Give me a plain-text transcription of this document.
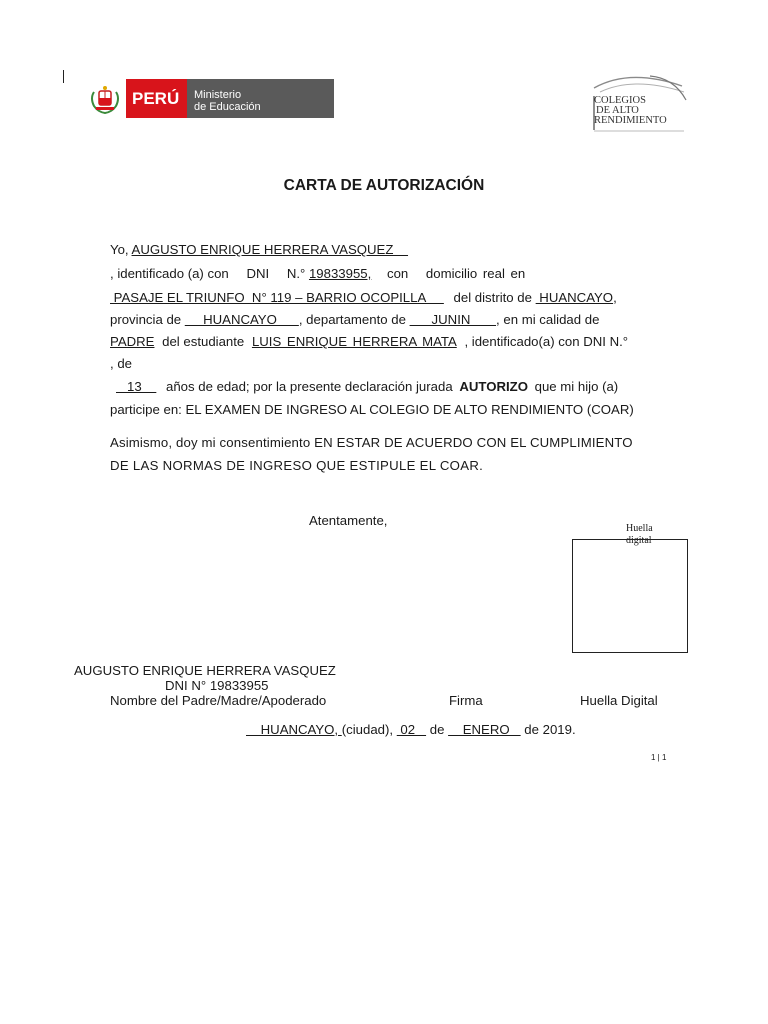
PERÚ	Ministerio
de Educación	COLEGIOS
DE ALTO
RENDIMIENTO
CARTA DE AUTORIZACIÓN
Yo, AUGUSTO ENRIQUE HERRERA VASQUEZ
, identificado (a) con DNI N.° 19833955, con domicilio real en
PASAJE EL TRIUNFO  N° 119 – BARRIO OCOPILLA      del distrito de  HUANCAYO,
provincia de      HUANCAYO      , departamento de       JUNIN       , en mi calidad de
PADRE del estudiante LUIS ENRIQUE HERRERA MATA , identificado(a) con DNI N.°
, de
13     años de edad; por la presente declaración jurada AUTORIZO que mi hijo (a)
participe en: EL EXAMEN DE INGRESO AL COLEGIO DE ALTO RENDIMIENTO (COAR)
Asimismo, doy mi consentimiento EN ESTAR DE ACUERDO CON EL CUMPLIMIENTO
DE LAS NORMAS DE INGRESO QUE ESTIPULE EL COAR.
Atentamente,
Huella
digital
AUGUSTO ENRIQUE HERRERA VASQUEZ
DNI N° 19833955
Nombre del Padre/Madre/Apoderado	Firma	Huella Digital
HUANCAYO, (ciudad),  02    de     ENERO    de 2019.
1 | 1
